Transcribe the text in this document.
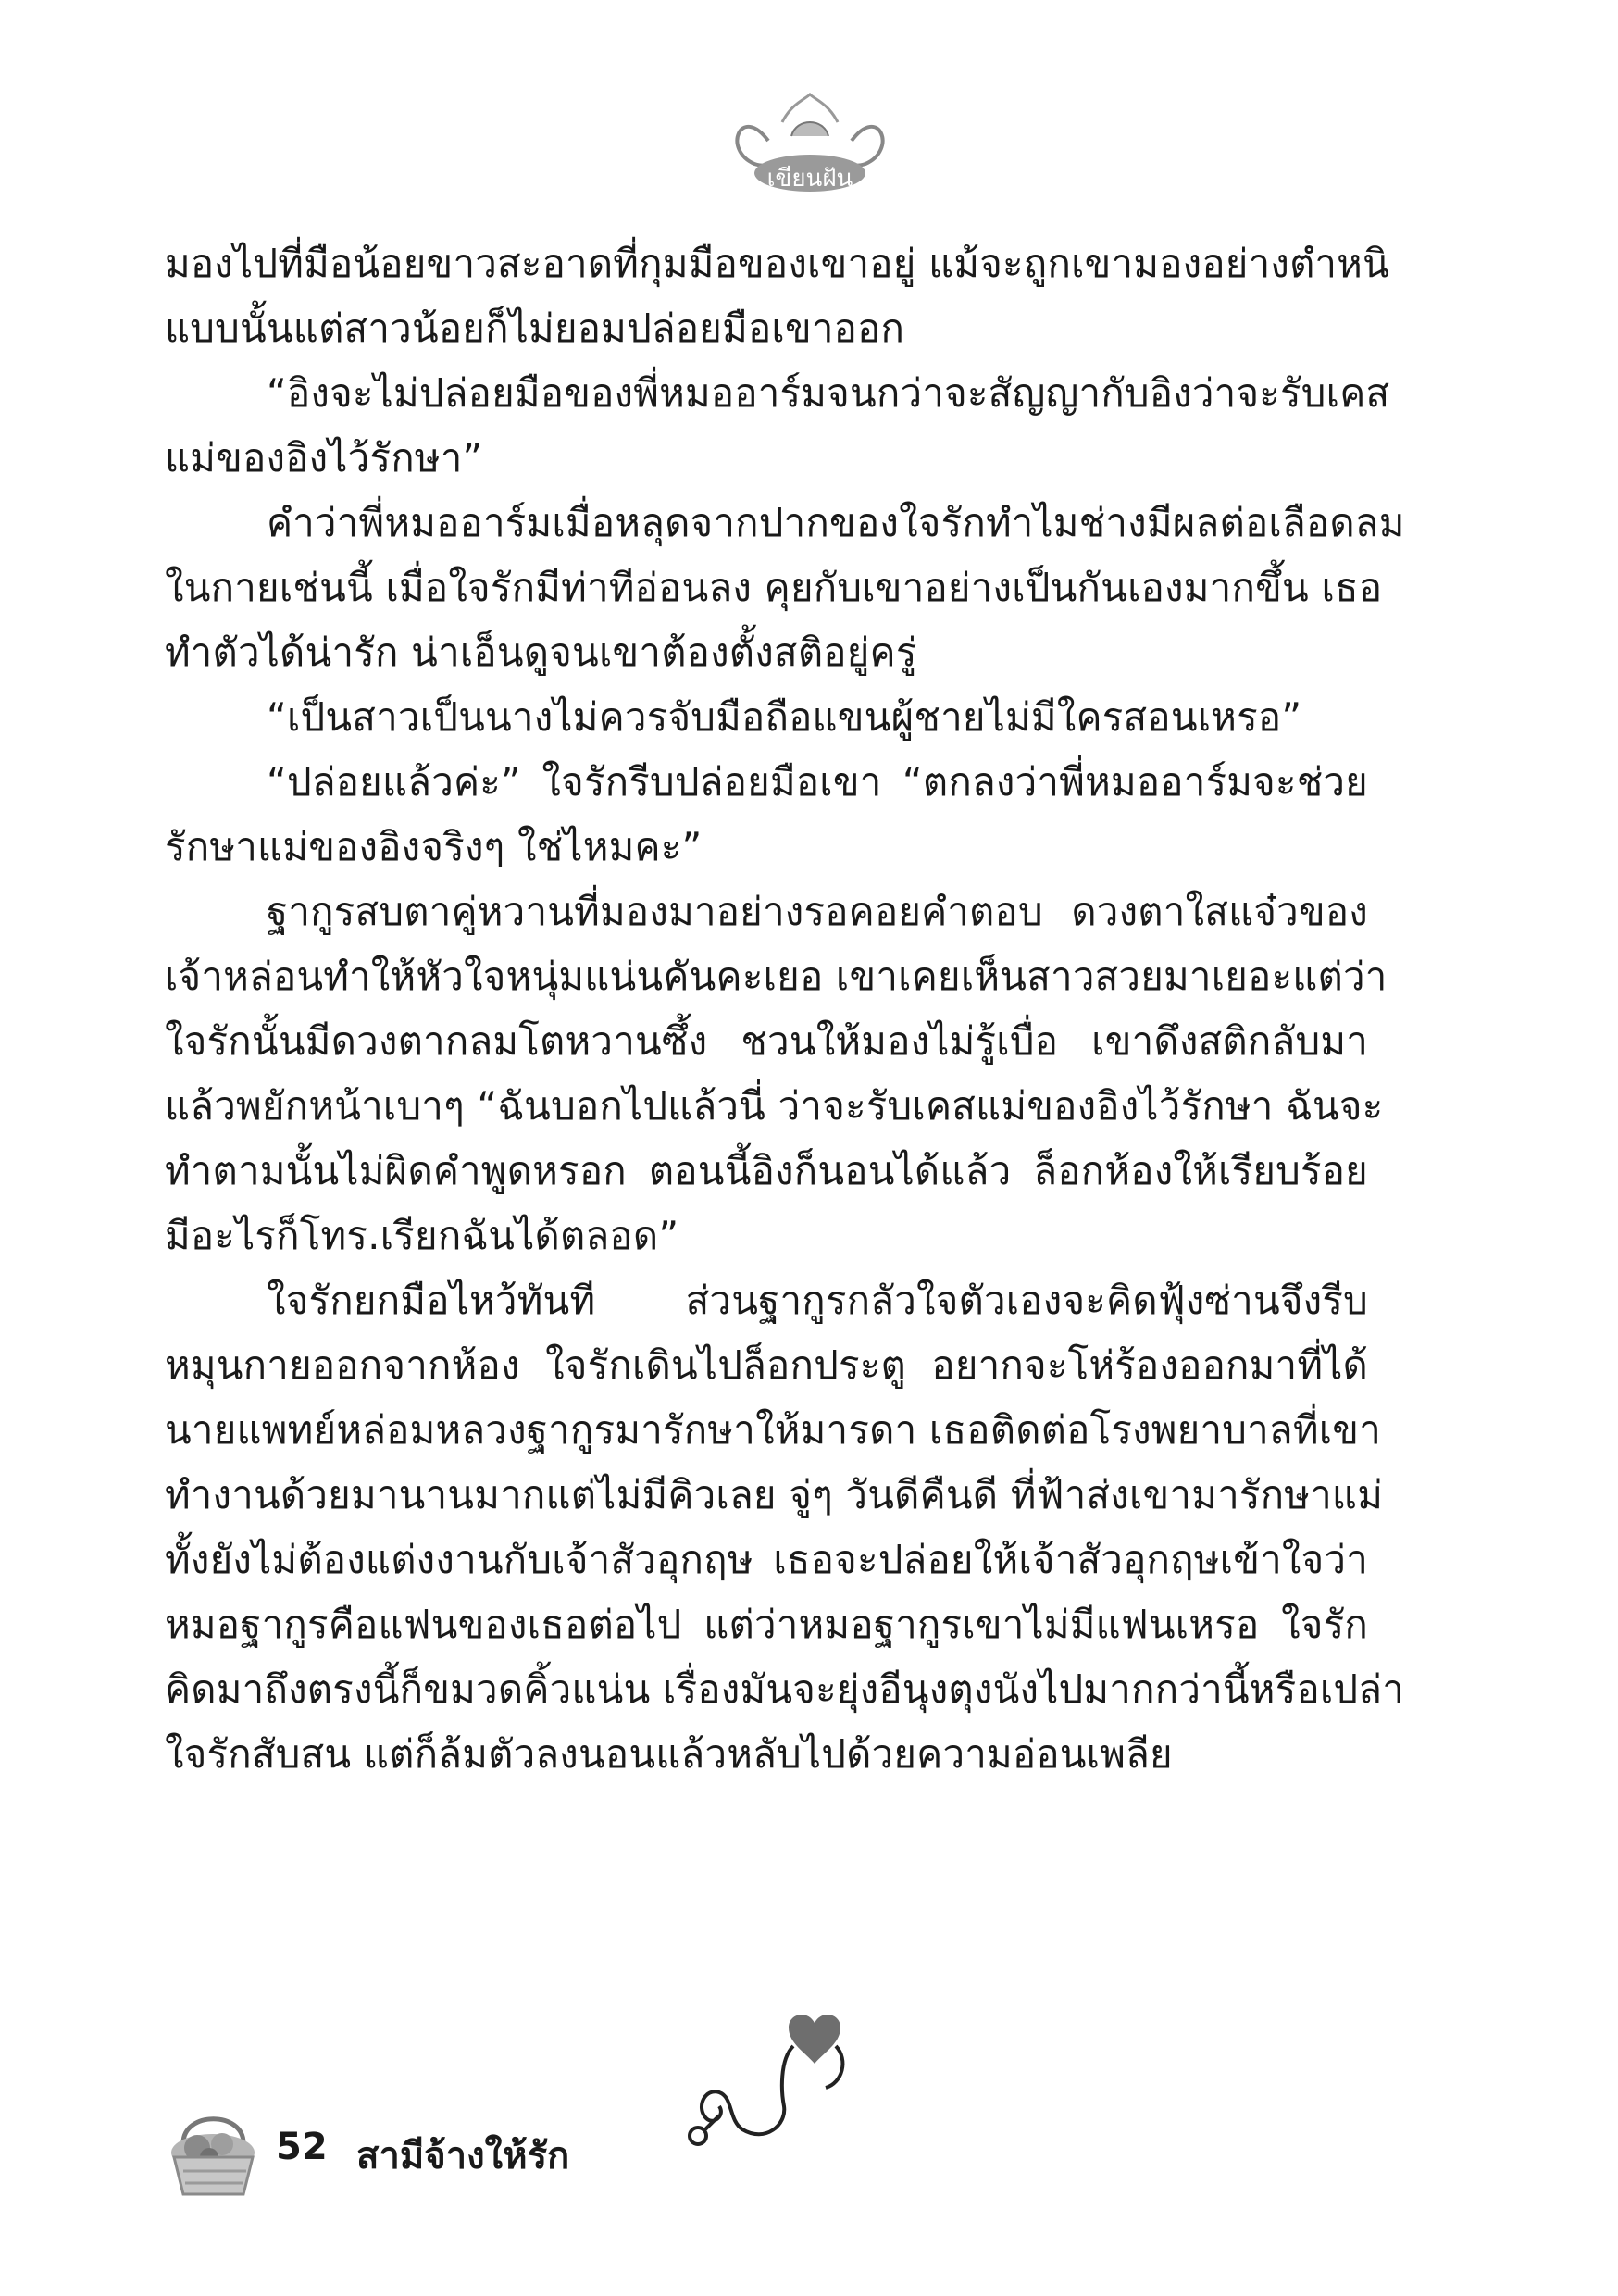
เขียนฝัน
มองไปที่มือน้อยขาวสะอาดที่กุมมือของเขาอยู่ แม้จะถูกเขามองอย่างตำหนิ
แบบนั้นแต่สาวน้อยก็ไม่ยอมปล่อยมือเขาออก
“อิงจะไม่ปล่อยมือของพี่หมออาร์มจนกว่าจะสัญญากับอิงว่าจะรับเคส
แม่ของอิงไว้รักษา”
คำว่าพี่หมออาร์มเมื่อหลุดจากปากของใจรักทำไมช่างมีผลต่อเลือดลม
ในกายเช่นนี้ เมื่อใจรักมีท่าทีอ่อนลง คุยกับเขาอย่างเป็นกันเองมากขึ้น เธอ
ทำตัวได้น่ารัก น่าเอ็นดูจนเขาต้องตั้งสติอยู่ครู่
“เป็นสาวเป็นนางไม่ควรจับมือถือแขนผู้ชายไม่มีใครสอนเหรอ”
“ปล่อยแล้วค่ะ” ใจรักรีบปล่อยมือเขา “ตกลงว่าพี่หมออาร์มจะช่วย
รักษาแม่ของอิงจริงๆ ใช่ไหมคะ”
ฐากูรสบตาคู่หวานที่มองมาอย่างรอคอยคำตอบ ดวงตาใสแจ๋วของ
เจ้าหล่อนทำให้หัวใจหนุ่มแน่นคันคะเยอ เขาเคยเห็นสาวสวยมาเยอะแต่ว่า
ใจรักนั้นมีดวงตากลมโตหวานซึ้ง ชวนให้มองไม่รู้เบื่อ เขาดึงสติกลับมา
แล้วพยักหน้าเบาๆ “ฉันบอกไปแล้วนี่ ว่าจะรับเคสแม่ของอิงไว้รักษา ฉันจะ
ทำตามนั้นไม่ผิดคำพูดหรอก ตอนนี้อิงก็นอนได้แล้ว ล็อกห้องให้เรียบร้อย
มีอะไรก็โทร.เรียกฉันได้ตลอด”
ใจรักยกมือไหว้ทันที ส่วนฐากูรกลัวใจตัวเองจะคิดฟุ้งซ่านจึงรีบ
หมุนกายออกจากห้อง ใจรักเดินไปล็อกประตู อยากจะโห่ร้องออกมาที่ได้
นายแพทย์หล่อมหลวงฐากูรมารักษาให้มารดา เธอติดต่อโรงพยาบาลที่เขา
ทำงานด้วยมานานมากแต่ไม่มีคิวเลย จู่ๆ วันดีคืนดี ที่ฟ้าส่งเขามารักษาแม่
ทั้งยังไม่ต้องแต่งงานกับเจ้าสัวอุกฤษ เธอจะปล่อยให้เจ้าสัวอุกฤษเข้าใจว่า
หมอฐากูรคือแฟนของเธอต่อไป แต่ว่าหมอฐากูรเขาไม่มีแฟนเหรอ ใจรัก
คิดมาถึงตรงนี้ก็ขมวดคิ้วแน่น เรื่องมันจะยุ่งอีนุงตุงนังไปมากกว่านี้หรือเปล่า
ใจรักสับสน แต่ก็ล้มตัวลงนอนแล้วหลับไปด้วยความอ่อนเพลีย
52 สามีจ้างให้รัก
